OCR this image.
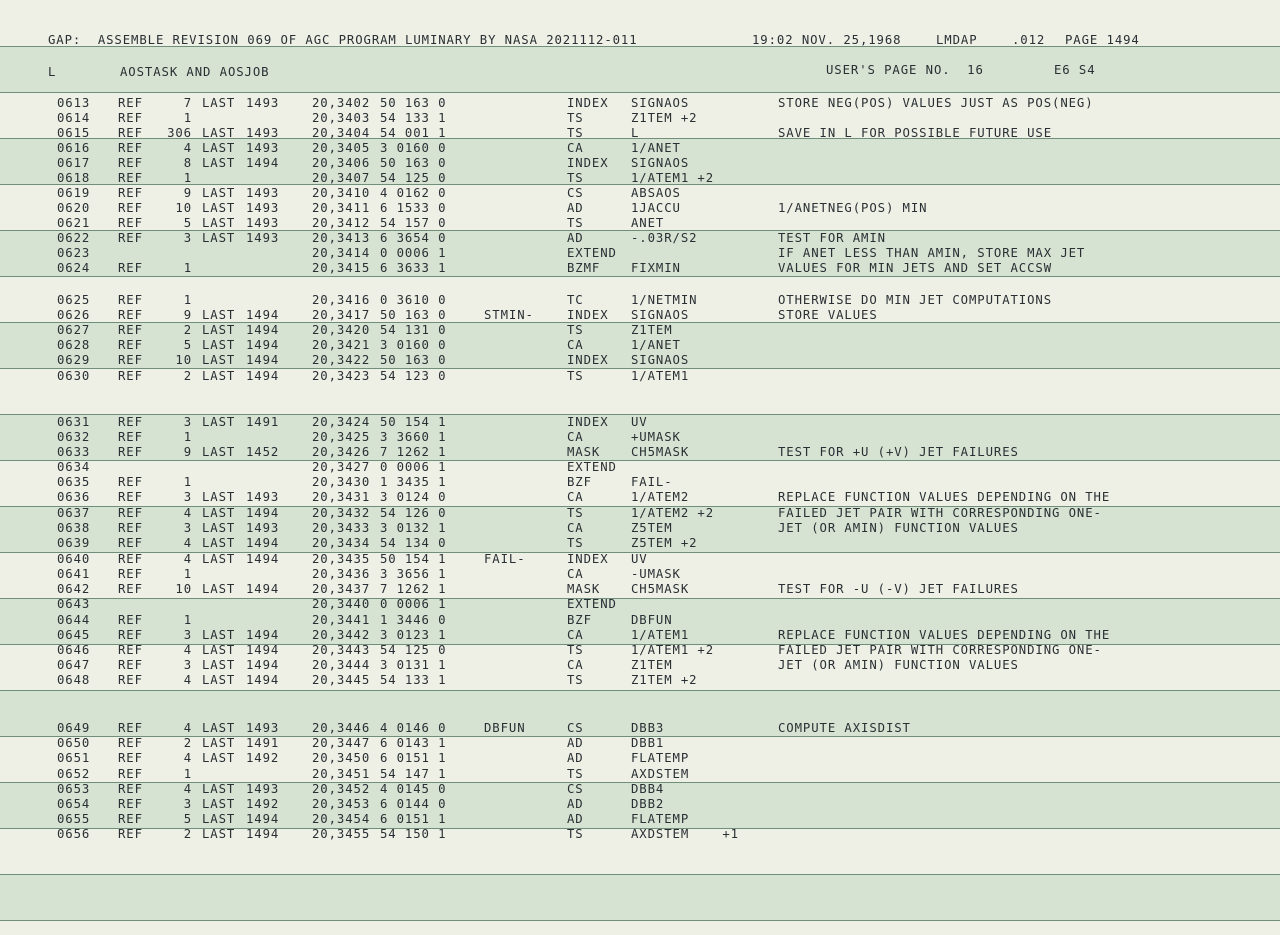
GAP:  ASSEMBLE REVISION 069 OF AGC PROGRAM LUMINARY BY NASA 2021112-011	19:02 NOV. 25,1968	LMDAP	.012 PAGE 1494
L	AOSTASK AND AOSJOB	USER'S PAGE NO.  16	E6 S4
0613 REF	7 LAST 1493	20,3402 50 163 0	INDEX SIGNAOS	STORE NEG(POS) VALUES JUST AS POS(NEG)
0614 REF	1	20,3403 54 133 1	TS	Z1TEM +2
0615 REF 306 LAST 1493	20,3404 54 001 1	TS	L	SAVE IN L FOR POSSIBLE FUTURE USE
0616 REF	4 LAST 1493	20,3405 3 0160 0	CA	1/ANET
0617 REF	8 LAST 1494	20,3406 50 163 0	INDEX SIGNAOS
0618 REF	1	20,3407 54 125 0	TS	1/ATEM1 +2
0619 REF	9 LAST 1493	20,3410 4 0162 0	CS	ABSAOS
0620 REF	10 LAST 1493	20,3411 6 1533 0	AD	1JACCU	1/ANETNEG(POS) MIN
0621 REF	5 LAST 1493	20,3412 54 157 0	TS	ANET
0622 REF	3 LAST 1493	20,3413 6 3654 0	AD	-.03R/S2	TEST FOR AMIN
0623	20,3414 0 0006 1	EXTEND	IF ANET LESS THAN AMIN, STORE MAX JET
0624 REF	1	20,3415 6 3633 1	BZMF	FIXMIN	VALUES FOR MIN JETS AND SET ACCSW
0625 REF	1	20,3416 0 3610 0	TC	1/NETMIN	OTHERWISE DO MIN JET COMPUTATIONS
0626 REF	9 LAST 1494	20,3417 50 163 0	STMIN-	INDEX SIGNAOS	STORE VALUES
0627 REF	2 LAST 1494	20,3420 54 131 0	TS	Z1TEM
0628 REF	5 LAST 1494	20,3421 3 0160 0	CA	1/ANET
0629 REF	10 LAST 1494	20,3422 50 163 0	INDEX SIGNAOS
0630 REF	2 LAST 1494	20,3423 54 123 0	TS	1/ATEM1
0631 REF	3 LAST 1491	20,3424 50 154 1	INDEX UV
0632 REF	1	20,3425 3 3660 1	CA	+UMASK
0633 REF	9 LAST 1452	20,3426 7 1262 1	MASK	CH5MASK	TEST FOR +U (+V) JET FAILURES
0634	20,3427 0 0006 1	EXTEND
0635 REF	1	20,3430 1 3435 1	BZF	FAIL-
0636 REF	3 LAST 1493	20,3431 3 0124 0	CA	1/ATEM2	REPLACE FUNCTION VALUES DEPENDING ON THE
0637 REF	4 LAST 1494	20,3432 54 126 0	TS	1/ATEM2 +2	FAILED JET PAIR WITH CORRESPONDING ONE-
0638 REF	3 LAST 1493	20,3433 3 0132 1	CA	Z5TEM	JET (OR AMIN) FUNCTION VALUES
0639 REF	4 LAST 1494	20,3434 54 134 0	TS	Z5TEM +2
0640 REF	4 LAST 1494	20,3435 50 154 1	FAIL-	INDEX UV
0641 REF	1	20,3436 3 3656 1	CA	-UMASK
0642 REF	10 LAST 1494	20,3437 7 1262 1	MASK	CH5MASK	TEST FOR -U (-V) JET FAILURES
0643	20,3440 0 0006 1	EXTEND
0644 REF	1	20,3441 1 3446 0	BZF	DBFUN
0645 REF	3 LAST 1494	20,3442 3 0123 1	CA	1/ATEM1	REPLACE FUNCTION VALUES DEPENDING ON THE
0646 REF	4 LAST 1494	20,3443 54 125 0	TS	1/ATEM1 +2	FAILED JET PAIR WITH CORRESPONDING ONE-
0647 REF	3 LAST 1494	20,3444 3 0131 1	CA	Z1TEM	JET (OR AMIN) FUNCTION VALUES
0648 REF	4 LAST 1494	20,3445 54 133 1	TS	Z1TEM +2
0649 REF	4 LAST 1493	20,3446 4 0146 0	DBFUN	CS	DBB3	COMPUTE AXISDIST
0650 REF	2 LAST 1491	20,3447 6 0143 1	AD	DBB1
0651 REF	4 LAST 1492	20,3450 6 0151 1	AD	FLATEMP
0652 REF	1	20,3451 54 147 1	TS	AXDSTEM
0653 REF	4 LAST 1493	20,3452 4 0145 0	CS	DBB4
0654 REF	3 LAST 1492	20,3453 6 0144 0	AD	DBB2
0655 REF	5 LAST 1494	20,3454 6 0151 1	AD	FLATEMP
0656 REF	2 LAST 1494	20,3455 54 150 1	TS	AXDSTEM    +1
